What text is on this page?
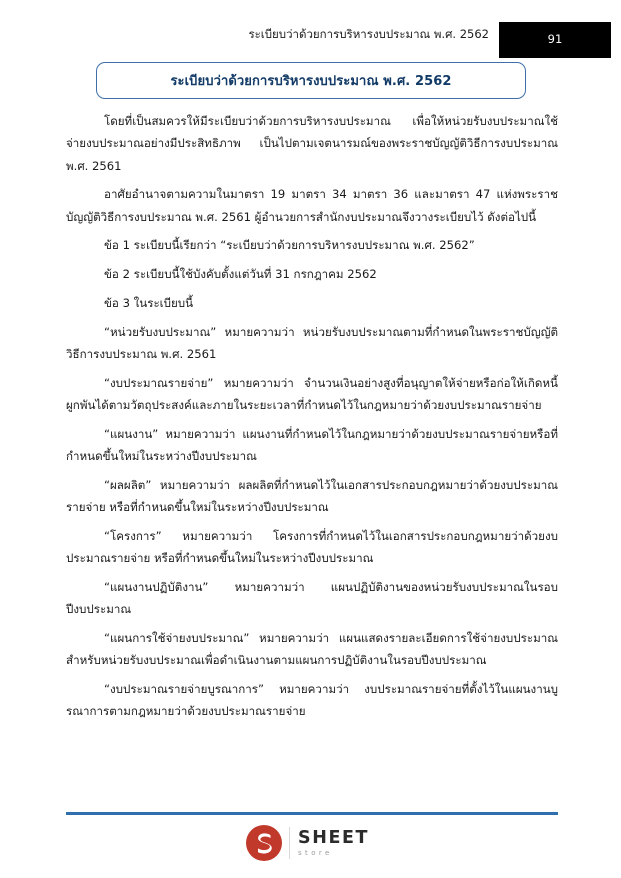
ระเบียบว่าด้วยการบริหารงบประมาณ พ.ศ. 2562	91
ระเบียบว่าด้วยการบริหารงบประมาณ พ.ศ. 2562

โดยที่เป็นสมควรให้มีระเบียบว่าด้วยการบริหารงบประมาณ เพื่อให้หน่วยรับงบประมาณใช้จ่ายงบประมาณอย่างมีประสิทธิภาพ เป็นไปตามเจตนารมณ์ของพระราชบัญญัติวิธีการงบประมาณ พ.ศ. 2561

อาศัยอำนาจตามความในมาตรา 19 มาตรา 34 มาตรา 36 และมาตรา 47 แห่งพระราชบัญญัติวิธีการงบประมาณ พ.ศ. 2561 ผู้อำนวยการสำนักงบประมาณจึงวางระเบียบไว้ ดังต่อไปนี้

ข้อ 1 ระเบียบนี้เรียกว่า “ระเบียบว่าด้วยการบริหารงบประมาณ พ.ศ. 2562”

ข้อ 2 ระเบียบนี้ใช้บังคับตั้งแต่วันที่ 31 กรกฎาคม 2562

ข้อ 3 ในระเบียบนี้

“หน่วยรับงบประมาณ” หมายความว่า หน่วยรับงบประมาณตามที่กำหนดในพระราชบัญญัติวิธีการงบประมาณ พ.ศ. 2561

“งบประมาณรายจ่าย” หมายความว่า จำนวนเงินอย่างสูงที่อนุญาตให้จ่ายหรือก่อให้เกิดหนี้ผูกพันได้ตามวัตถุประสงค์และภายในระยะเวลาที่กำหนดไว้ในกฎหมายว่าด้วยงบประมาณรายจ่าย

“แผนงาน” หมายความว่า แผนงานที่กำหนดไว้ในกฎหมายว่าด้วยงบประมาณรายจ่ายหรือที่กำหนดขึ้นใหม่ในระหว่างปีงบประมาณ

“ผลผลิต” หมายความว่า ผลผลิตที่กำหนดไว้ในเอกสารประกอบกฎหมายว่าด้วยงบประมาณรายจ่าย หรือที่กำหนดขึ้นใหม่ในระหว่างปีงบประมาณ

“โครงการ” หมายความว่า โครงการที่กำหนดไว้ในเอกสารประกอบกฎหมายว่าด้วยงบประมาณรายจ่าย หรือที่กำหนดขึ้นใหม่ในระหว่างปีงบประมาณ

“แผนงานปฏิบัติงาน” หมายความว่า แผนปฏิบัติงานของหน่วยรับงบประมาณในรอบปีงบประมาณ

“แผนการใช้จ่ายงบประมาณ” หมายความว่า แผนแสดงรายละเอียดการใช้จ่ายงบประมาณสำหรับหน่วยรับงบประมาณเพื่อดำเนินงานตามแผนการปฏิบัติงานในรอบปีงบประมาณ

“งบประมาณรายจ่ายบูรณาการ” หมายความว่า งบประมาณรายจ่ายที่ตั้งไว้ในแผนงานบูรณาการตามกฎหมายว่าด้วยงบประมาณรายจ่าย

SHEET
store
